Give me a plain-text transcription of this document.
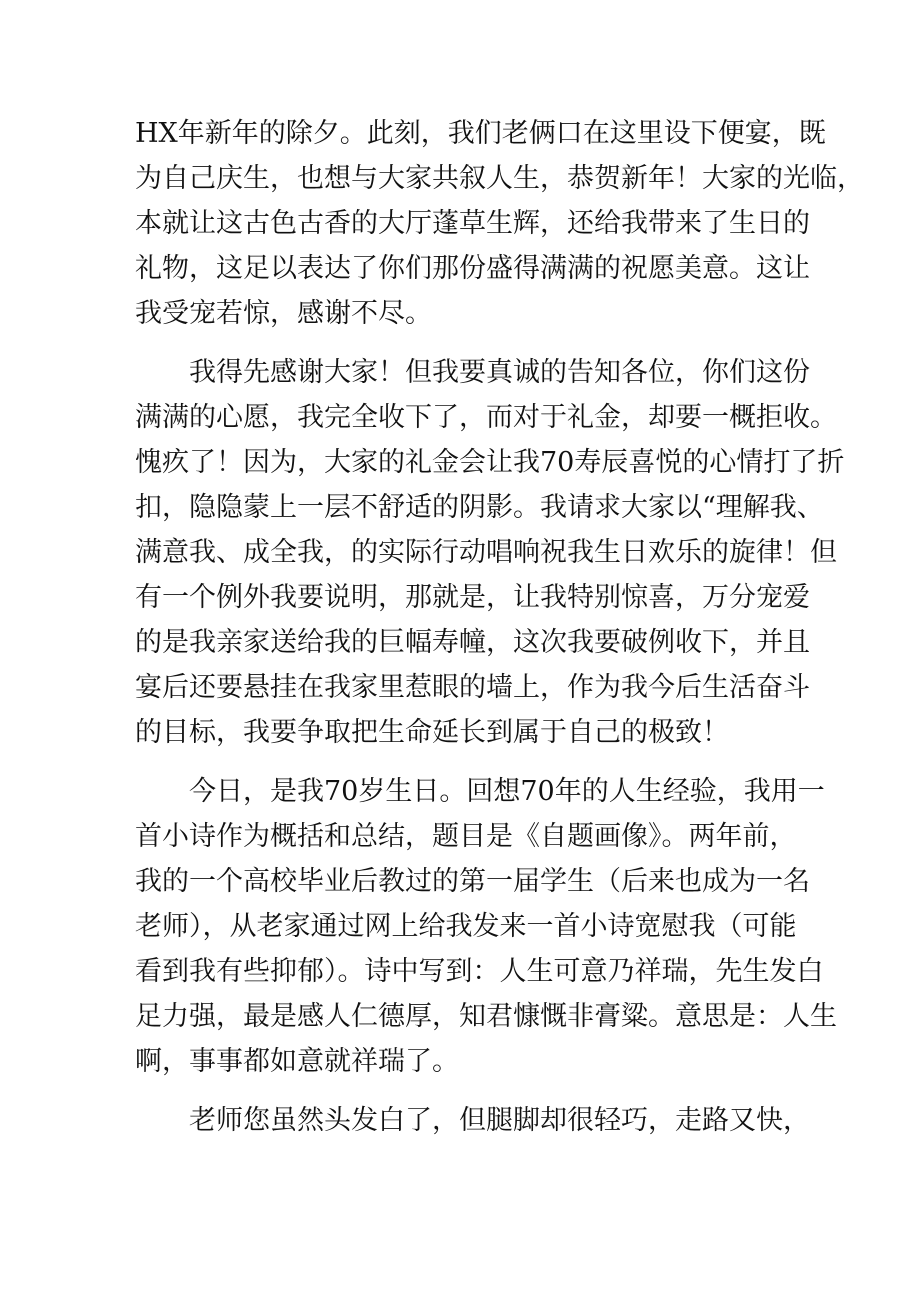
HX年新年的除夕。此刻，我们老俩口在这里设下便宴，既

为自己庆生，也想与大家共叙人生，恭贺新年！大家的光临，

本就让这古色古香的大厅蓬草生辉，还给我带来了生日的

礼物，这足以表达了你们那份盛得满满的祝愿美意。这让

我受宠若惊，感谢不尽。

我得先感谢大家！但我要真诚的告知各位，你们这份

满满的心愿，我完全收下了，而对于礼金，却要一概拒收。

愧疚了！因为，大家的礼金会让我70寿辰喜悦的心情打了折

扣，隐隐蒙上一层不舒适的阴影。我请求大家以“理解我、

满意我、成全我，的实际行动唱响祝我生日欢乐的旋律！但

有一个例外我要说明，那就是，让我特别惊喜，万分宠爱

的是我亲家送给我的巨幅寿幢，这次我要破例收下，并且

宴后还要悬挂在我家里惹眼的墙上，作为我今后生活奋斗

的目标，我要争取把生命延长到属于自己的极致！

今日，是我70岁生日。回想70年的人生经验，我用一

首小诗作为概括和总结，题目是《自题画像》。两年前，

我的一个高校毕业后教过的第一届学生（后来也成为一名

老师），从老家通过网上给我发来一首小诗宽慰我（可能

看到我有些抑郁）。诗中写到：人生可意乃祥瑞，先生发白

足力强，最是感人仁德厚，知君慷慨非膏粱。意思是：人生

啊，事事都如意就祥瑞了。

老师您虽然头发白了，但腿脚却很轻巧，走路又快，
